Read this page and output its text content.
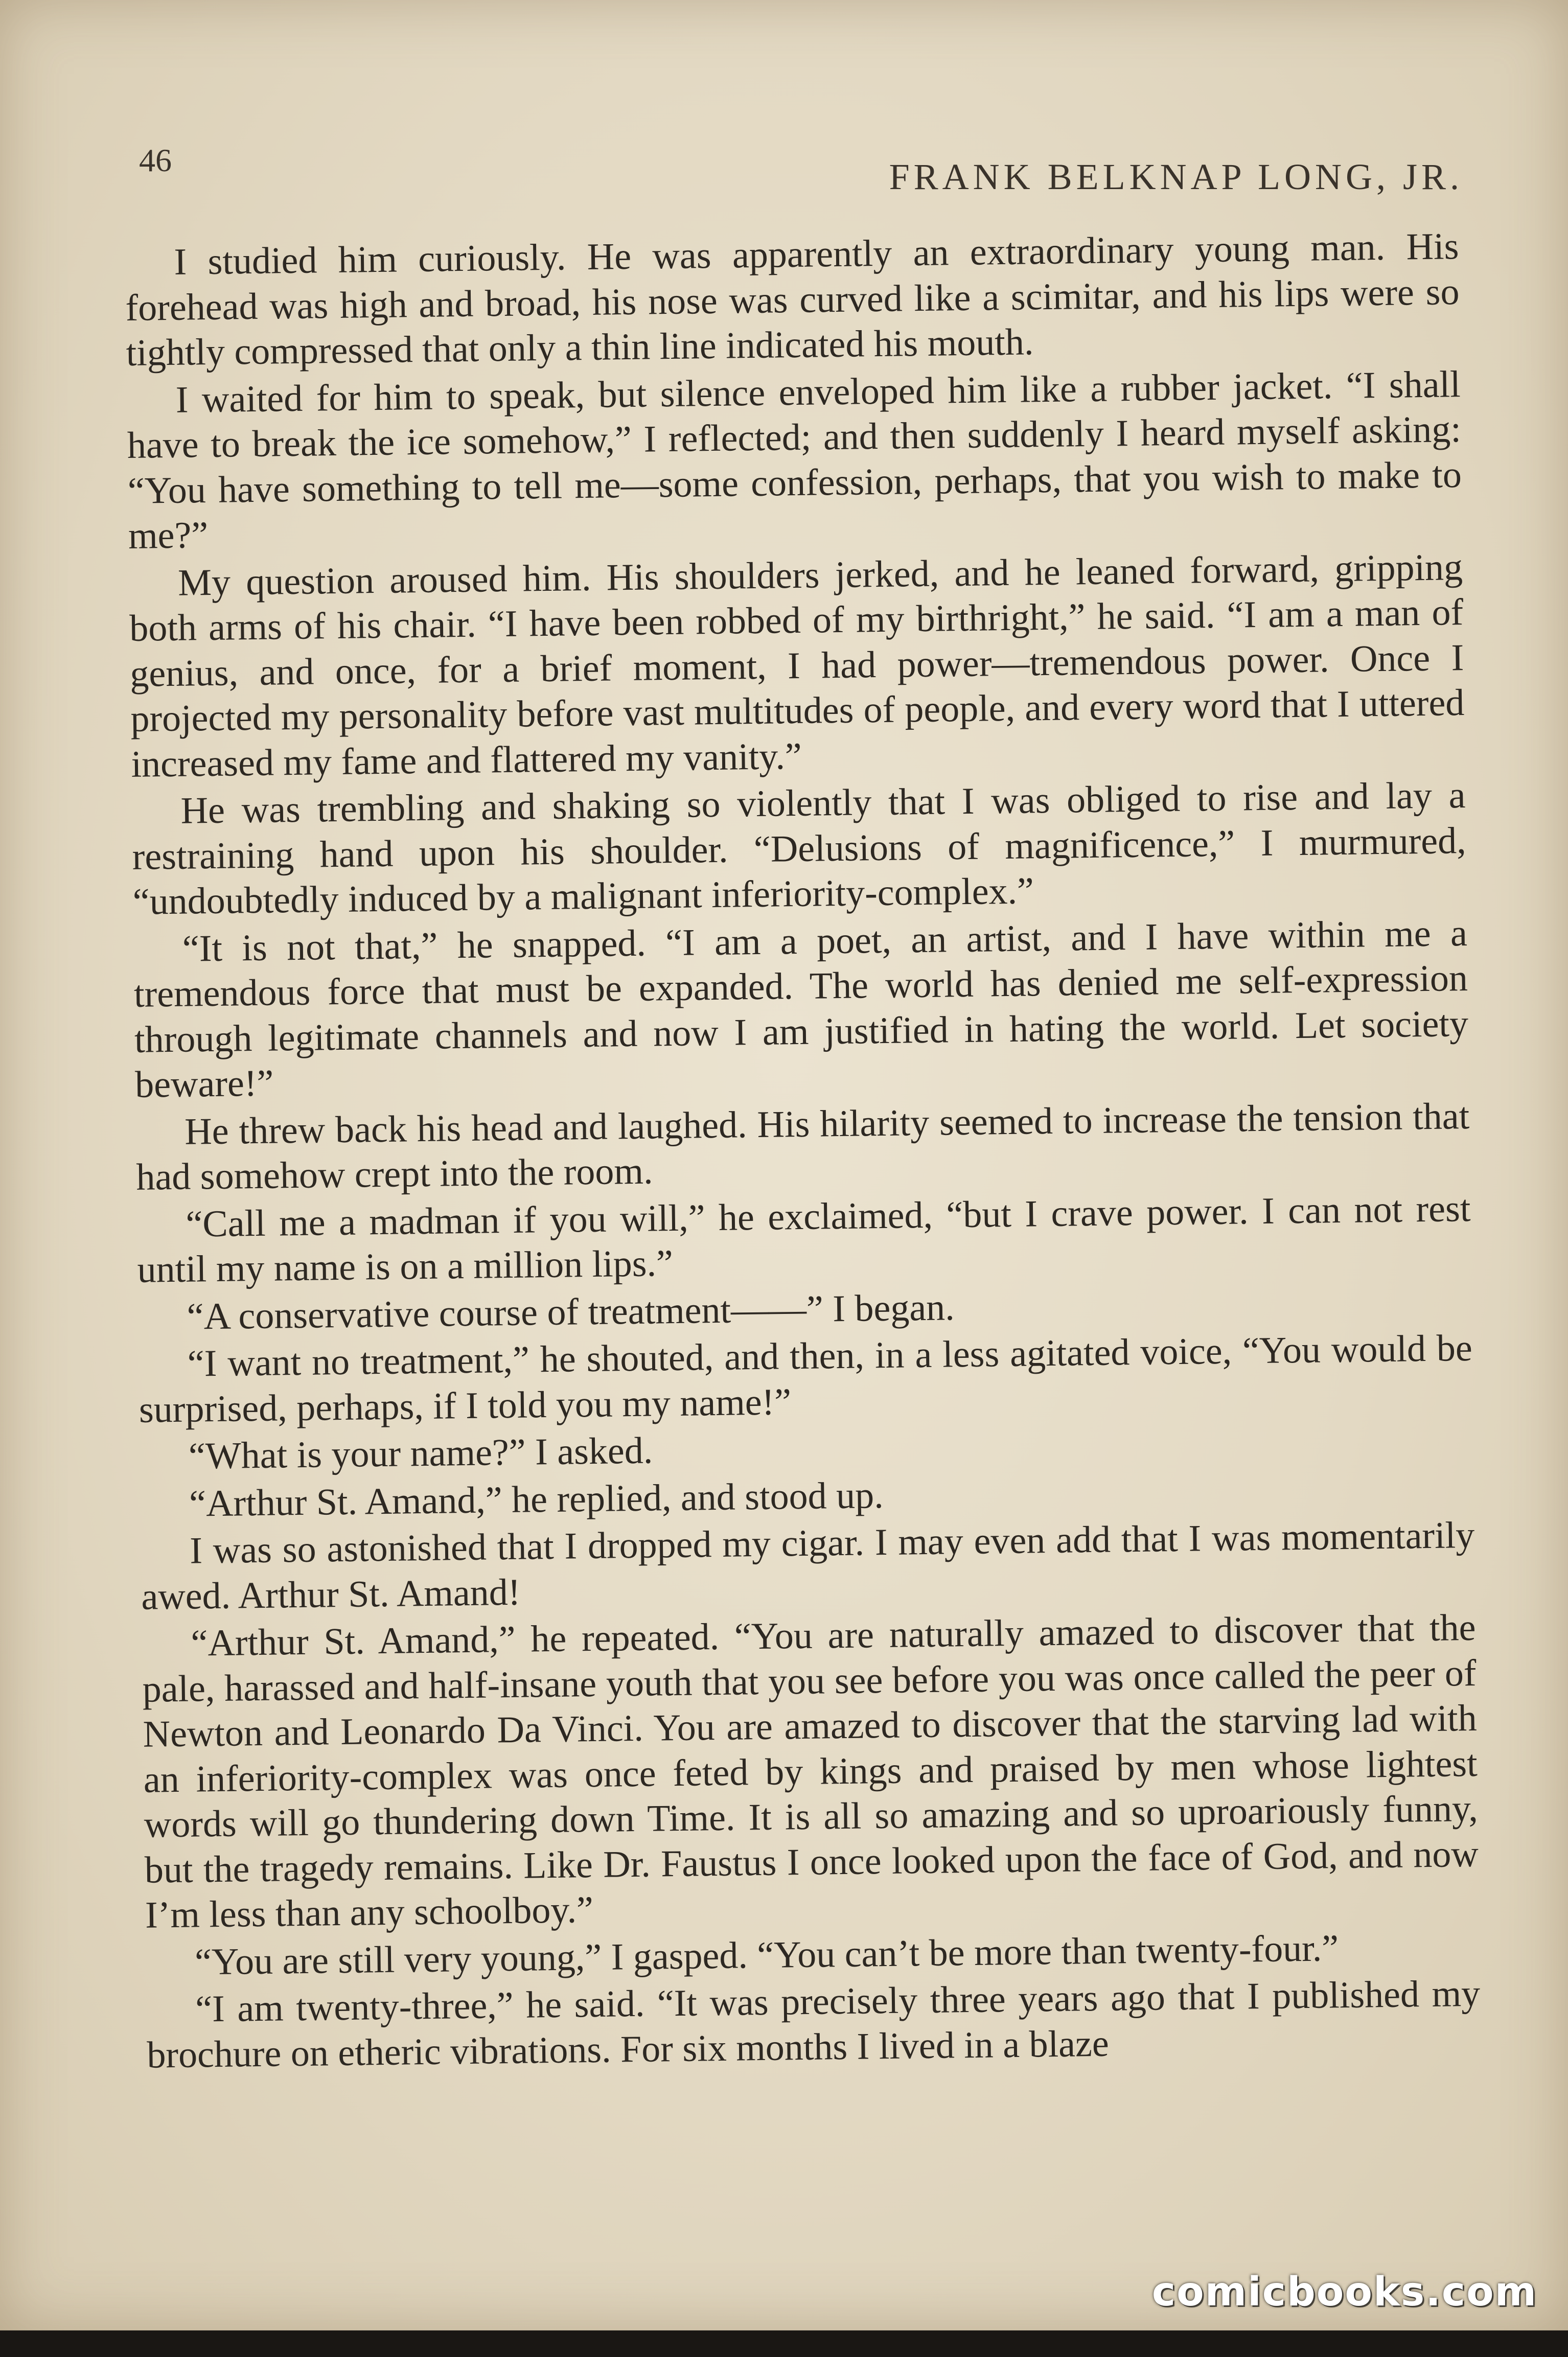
46	FRANK BELKNAP LONG, JR.

I studied him curiously. He was apparently an extraordinary young man. His forehead was high and broad, his nose was curved like a scimitar, and his lips were so tightly compressed that only a thin line indicated his mouth.

I waited for him to speak, but silence enveloped him like a rubber jacket. “I shall have to break the ice somehow,” I reflected; and then suddenly I heard myself asking: “You have something to tell me—some confession, perhaps, that you wish to make to me?”

My question aroused him. His shoulders jerked, and he leaned forward, gripping both arms of his chair. “I have been robbed of my birthright,” he said. “I am a man of genius, and once, for a brief moment, I had power—tremendous power. Once I projected my personality before vast multitudes of people, and every word that I uttered increased my fame and flattered my vanity.”

He was trembling and shaking so violently that I was obliged to rise and lay a restraining hand upon his shoulder. “Delusions of magnificence,” I murmured, “undoubtedly induced by a malignant inferiority-complex.”

“It is not that,” he snapped. “I am a poet, an artist, and I have within me a tremendous force that must be expanded. The world has denied me self-expression through legitimate channels and now I am justified in hating the world. Let society beware!”

He threw back his head and laughed. His hilarity seemed to increase the tension that had somehow crept into the room.

“Call me a madman if you will,” he exclaimed, “but I crave power. I can not rest until my name is on a million lips.”

“A conservative course of treatment——” I began.

“I want no treatment,” he shouted, and then, in a less agitated voice, “You would be surprised, perhaps, if I told you my name!”

“What is your name?” I asked.

“Arthur St. Amand,” he replied, and stood up.

I was so astonished that I dropped my cigar. I may even add that I was momentarily awed. Arthur St. Amand!

“Arthur St. Amand,” he repeated. “You are naturally amazed to discover that the pale, harassed and half-insane youth that you see before you was once called the peer of Newton and Leonardo Da Vinci. You are amazed to discover that the starving lad with an inferiority-complex was once feted by kings and praised by men whose lightest words will go thundering down Time. It is all so amazing and so uproariously funny, but the tragedy remains. Like Dr. Faustus I once looked upon the face of God, and now I’m less than any schoolboy.”

“You are still very young,” I gasped. “You can’t be more than twenty-four.”

“I am twenty-three,” he said. “It was precisely three years ago that I published my brochure on etheric vibrations. For six months I lived in a blaze

comicbooks.com
